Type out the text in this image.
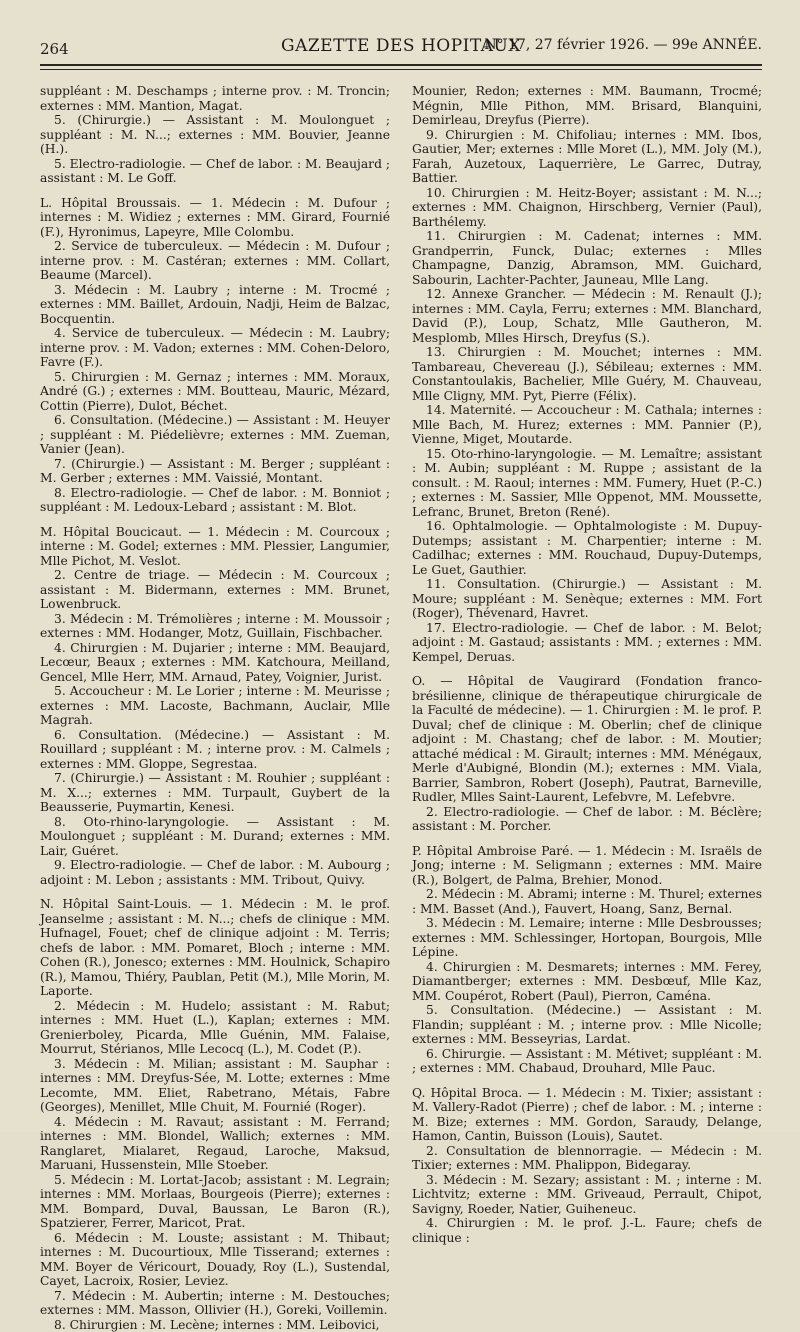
264	GAZETTE DES HOPITAUX
N° 17, 27 février 1926. — 99e ANNÉE.

suppléant : M. Deschamps ; interne prov. : M. Troncin; externes : MM. Mantion, Magat.

5. (Chirurgie.) — Assistant : M. Moulonguet ; suppléant : M. N...; externes : MM. Bouvier, Jeanne (H.).

5. Electro-radiologie. — Chef de labor. : M. Beaujard ; assistant : M. Le Goff.

L. Hôpital Broussais. — 1. Médecin : M. Dufour ; internes : M. Widiez ; externes : MM. Girard, Fournié (F.), Hyronimus, Lapeyre, Mlle Colombu.

2. Service de tuberculeux. — Médecin : M. Dufour ; interne prov. : M. Castéran; externes : MM. Collart, Beaume (Marcel).

3. Médecin : M. Laubry ; interne : M. Trocmé ; externes : MM. Baillet, Ardouin, Nadji, Heim de Balzac, Bocquentin.

4. Service de tuberculeux. — Médecin : M. Laubry; interne prov. : M. Vadon; externes : MM. Cohen-Deloro, Favre (F.).

5. Chirurgien : M. Gernaz ; internes : MM. Moraux, André (G.) ; externes : MM. Boutteau, Mauric, Mézard, Cottin (Pierre), Dulot, Béchet.

6. Consultation. (Médecine.) — Assistant : M. Heuyer ; suppléant : M. Piédelièvre; externes : MM. Zueman, Vanier (Jean).

7. (Chirurgie.) — Assistant : M. Berger ; suppléant : M. Gerber ; externes : MM. Vaissié, Montant.

8. Electro-radiologie. — Chef de labor. : M. Bonniot ; suppléant : M. Ledoux-Lebard ; assistant : M. Blot.

M. Hôpital Boucicaut. — 1. Médecin : M. Courcoux ; interne : M. Godel; externes : MM. Plessier, Langumier, Mlle Pichot, M. Veslot.

2. Centre de triage. — Médecin : M. Courcoux ; assistant : M. Bidermann, externes : MM. Brunet, Lowenbruck.

3. Médecin : M. Trémolières ; interne : M. Moussoir ; externes : MM. Hodanger, Motz, Guillain, Fischbacher.

4. Chirurgien : M. Dujarier ; interne : MM. Beaujard, Lecœur, Beaux ; externes : MM. Katchoura, Meilland, Gencel, Mlle Herr, MM. Arnaud, Patey, Voignier, Jurist.

5. Accoucheur : M. Le Lorier ; interne : M. Meurisse ; externes : MM. Lacoste, Bachmann, Auclair, Mlle Magrah.

6. Consultation. (Médecine.) — Assistant : M. Rouillard ; suppléant : M. ; interne prov. : M. Calmels ; externes : MM. Gloppe, Segrestaa.

7. (Chirurgie.) — Assistant : M. Rouhier ; suppléant : M. X...; externes : MM. Turpault, Guybert de la Beausserie, Puymartin, Kenesi.

8. Oto-rhino-laryngologie. — Assistant : M. Moulonguet ; suppléant : M. Durand; externes : MM. Lair, Guéret.

9. Electro-radiologie. — Chef de labor. : M. Aubourg ; adjoint : M. Lebon ; assistants : MM. Tribout, Quivy.

N. Hôpital Saint-Louis. — 1. Médecin : M. le prof. Jeanselme ; assistant : M. N...; chefs de clinique : MM. Hufnagel, Fouet; chef de clinique adjoint : M. Terris; chefs de labor. : MM. Pomaret, Bloch ; interne : MM. Cohen (R.), Jonesco; externes : MM. Houlnick, Schapiro (R.), Mamou, Thiéry, Paublan, Petit (M.), Mlle Morin, M. Laporte.

2. Médecin : M. Hudelo; assistant : M. Rabut; internes : MM. Huet (L.), Kaplan; externes : MM. Grenierboley, Picarda, Mlle Guénin, MM. Falaise, Mourrut, Stérianos, Mlle Lecocq (L.), M. Codet (P.).

3. Médecin : M. Milian; assistant : M. Sauphar : internes : MM. Dreyfus-Sée, M. Lotte; externes : Mme Lecomte, MM. Eliet, Rabetrano, Métais, Fabre (Georges), Menillet, Mlle Chuit, M. Fournié (Roger).

4. Médecin : M. Ravaut; assistant : M. Ferrand; internes : MM. Blondel, Wallich; externes : MM. Ranglaret, Mialaret, Regaud, Laroche, Maksud, Maruani, Hussenstein, Mlle Stoeber.

5. Médecin : M. Lortat-Jacob; assistant : M. Legrain; internes : MM. Morlaas, Bourgeois (Pierre); externes : MM. Bompard, Duval, Baussan, Le Baron (R.), Spatzierer, Ferrer, Maricot, Prat.

6. Médecin : M. Louste; assistant : M. Thibaut; internes : M. Ducourtioux, Mlle Tisserand; externes : MM. Boyer de Véricourt, Douady, Roy (L.), Sustendal, Cayet, Lacroix, Rosier, Leviez.

7. Médecin : M. Aubertin; interne : M. Destouches; externes : MM. Masson, Ollivier (H.), Goreki, Voillemin.

8. Chirurgien : M. Lecène; internes : MM. Leibovici,

Mounier, Redon; externes : MM. Baumann, Trocmé; Mégnin, Mlle Pithon, MM. Brisard, Blanquini, Demirleau, Dreyfus (Pierre).

9. Chirurgien : M. Chifoliau; internes : MM. Ibos, Gautier, Mer; externes : Mlle Moret (L.), MM. Joly (M.), Farah, Auzetoux, Laquerrière, Le Garrec, Dutray, Battier.

10. Chirurgien : M. Heitz-Boyer; assistant : M. N...; externes : MM. Chaignon, Hirschberg, Vernier (Paul), Barthélemy.

11. Chirurgien : M. Cadenat; internes : MM. Grandperrin, Funck, Dulac; externes : Mlles Champagne, Danzig, Abramson, MM. Guichard, Sabourin, Lachter-Pachter, Jauneau, Mlle Lang.

12. Annexe Grancher. — Médecin : M. Renault (J.); internes : MM. Cayla, Ferru; externes : MM. Blanchard, David (P.), Loup, Schatz, Mlle Gautheron, M. Mesplomb, Mlles Hirsch, Dreyfus (S.).

13. Chirurgien : M. Mouchet; internes : MM. Tambareau, Chevereau (J.), Sébileau; externes : MM. Constantoulakis, Bachelier, Mlle Guéry, M. Chauveau, Mlle Cligny, MM. Pyt, Pierre (Félix).

14. Maternité. — Accoucheur : M. Cathala; internes : Mlle Bach, M. Hurez; externes : MM. Pannier (P.), Vienne, Miget, Moutarde.

15. Oto-rhino-laryngologie. — M. Lemaître; assistant : M. Aubin; suppléant : M. Ruppe ; assistant de la consult. : M. Raoul; internes : MM. Fumery, Huet (P.-C.) ; externes : M. Sassier, Mlle Oppenot, MM. Moussette, Lefranc, Brunet, Breton (René).

16. Ophtalmologie. — Ophtalmologiste : M. Dupuy-Dutemps; assistant : M. Charpentier; interne : M. Cadilhac; externes : MM. Rouchaud, Dupuy-Dutemps, Le Guet, Gauthier.

11. Consultation. (Chirurgie.) — Assistant : M. Moure; suppléant : M. Senèque; externes : MM. Fort (Roger), Thévenard, Havret.

17. Electro-radiologie. — Chef de labor. : M. Belot; adjoint : M. Gastaud; assistants : MM. ; externes : MM. Kempel, Deruas.

O. — Hôpital de Vaugirard (Fondation franco-brésilienne, clinique de thérapeutique chirurgicale de la Faculté de médecine). — 1. Chirurgien : M. le prof. P. Duval; chef de clinique : M. Oberlin; chef de clinique adjoint : M. Chastang; chef de labor. : M. Moutier; attaché médical : M. Girault; internes : MM. Ménégaux, Merle d'Aubigné, Blondin (M.); externes : MM. Viala, Barrier, Sambron, Robert (Joseph), Pautrat, Barneville, Rudler, Mlles Saint-Laurent, Lefebvre, M. Lefebvre.

2. Electro-radiologie. — Chef de labor. : M. Béclère; assistant : M. Porcher.

P. Hôpital Ambroise Paré. — 1. Médecin : M. Israëls de Jong; interne : M. Seligmann ; externes : MM. Maire (R.), Bolgert, de Palma, Brehier, Monod.

2. Médecin : M. Abrami; interne : M. Thurel; externes : MM. Basset (And.), Fauvert, Hoang, Sanz, Bernal.

3. Médecin : M. Lemaire; interne : Mlle Desbrousses; externes : MM. Schlessinger, Hortopan, Bourgois, Mlle Lépine.

4. Chirurgien : M. Desmarets; internes : MM. Ferey, Diamantberger; externes : MM. Desbœuf, Mlle Kaz, MM. Coupérot, Robert (Paul), Pierron, Caména.

5. Consultation. (Médecine.) — Assistant : M. Flandin; suppléant : M. ; interne prov. : Mlle Nicolle; externes : MM. Besseyrias, Lardat.

6. Chirurgie. — Assistant : M. Métivet; suppléant : M. ; externes : MM. Chabaud, Drouhard, Mlle Pauc.

Q. Hôpital Broca. — 1. Médecin : M. Tixier; assistant : M. Vallery-Radot (Pierre) ; chef de labor. : M. ; interne : M. Bize; externes : MM. Gordon, Saraudy, Delange, Hamon, Cantin, Buisson (Louis), Sautet.

2. Consultation de blennorragie. — Médecin : M. Tixier; externes : MM. Phalippon, Bidegaray.

3. Médecin : M. Sezary; assistant : M. ; interne : M. Lichtvitz; externe : MM. Griveaud, Perrault, Chipot, Savigny, Roeder, Natier, Guiheneuc.

4. Chirurgien : M. le prof. J.-L. Faure; chefs de clinique :
